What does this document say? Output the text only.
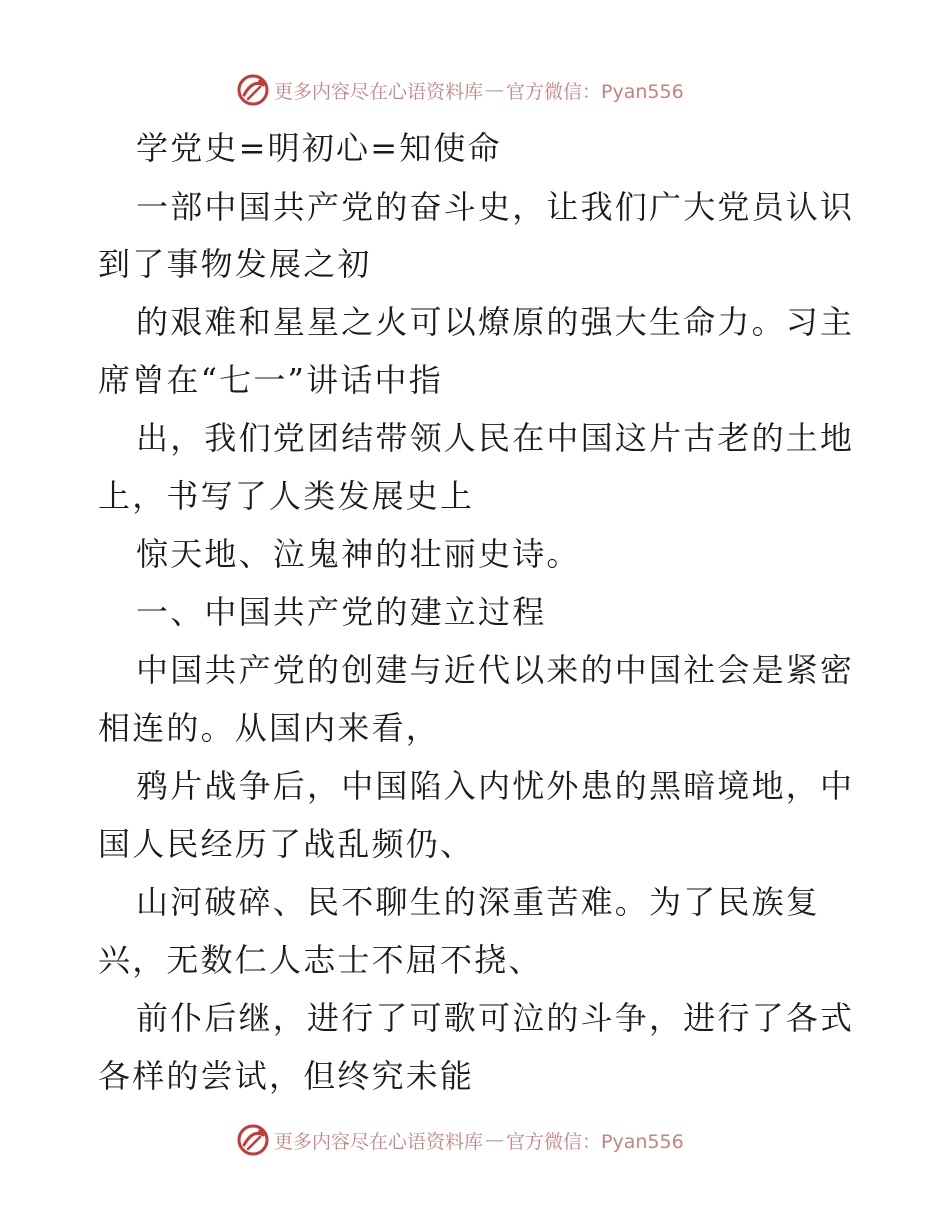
更多内容尽在心语资料库 — 官方微信：Pyan556
学党史=明初心=知使命
一部中国共产党的奋斗史，让我们广大党员认识
到了事物发展之初
的艰难和星星之火可以燎原的强大生命力。习主
席曾在“七一”讲话中指
出，我们党团结带领人民在中国这片古老的土地
上，书写了人类发展史上
惊天地、泣鬼神的壮丽史诗。
一、中国共产党的建立过程
中国共产党的创建与近代以来的中国社会是紧密
相连的。从国内来看，
鸦片战争后，中国陷入内忧外患的黑暗境地，中
国人民经历了战乱频仍、
山河破碎、民不聊生的深重苦难。为了民族复
兴，无数仁人志士不屈不挠、
前仆后继，进行了可歌可泣的斗争，进行了各式
各样的尝试，但终究未能
更多内容尽在心语资料库 — 官方微信：Pyan556
